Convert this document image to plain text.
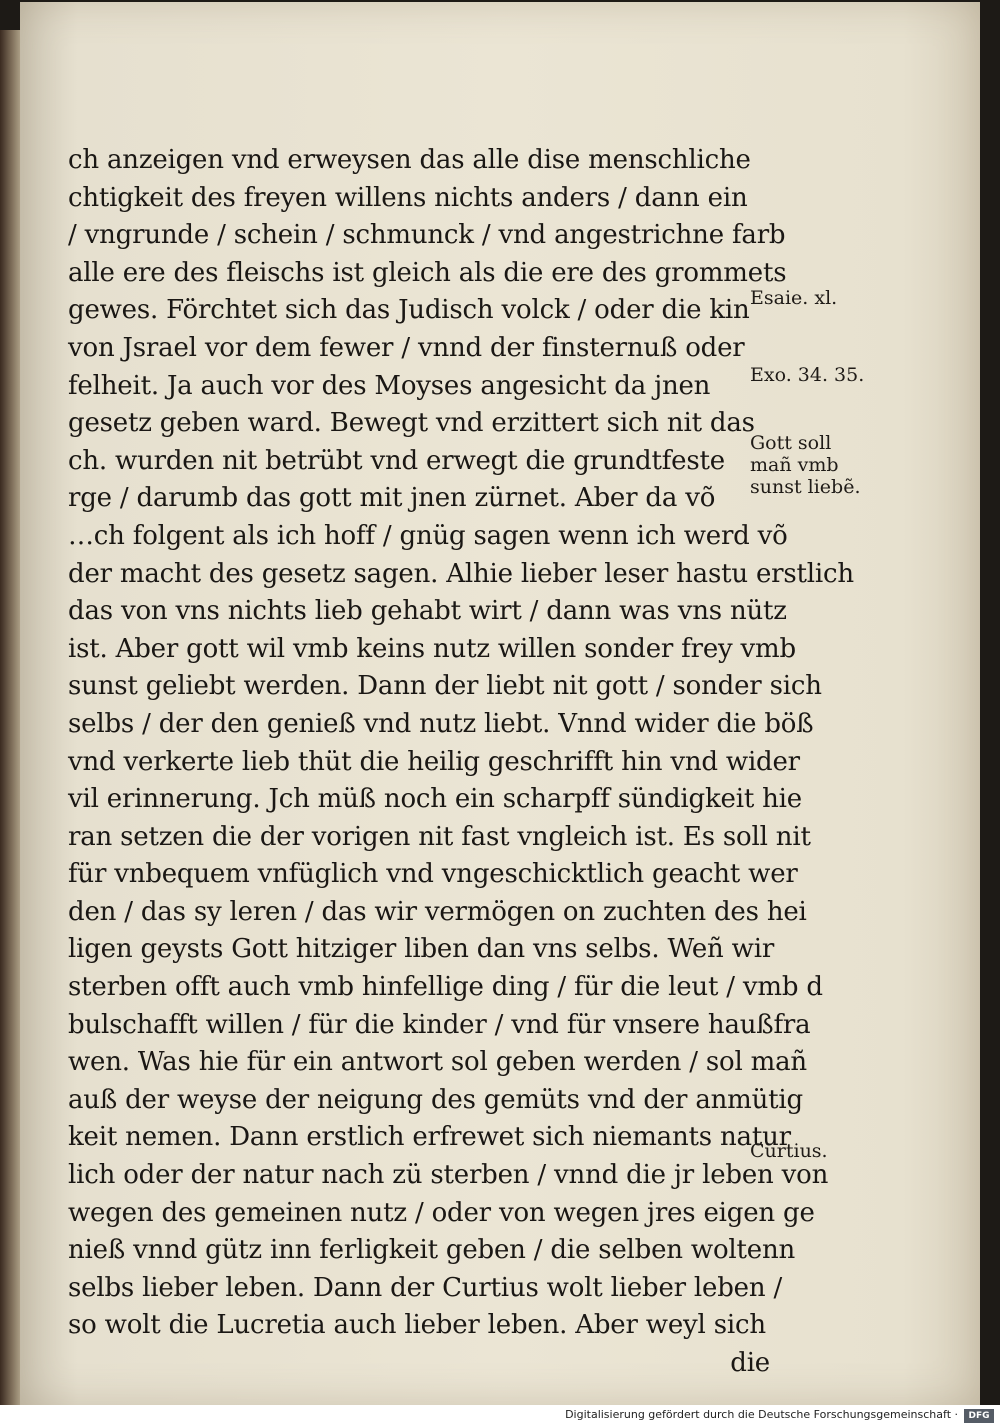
ch anzeigen vnd erweysen das alle dise menschliche
chtigkeit des freyen willens nichts anders / dann ein
/ vngrunde / schein / schmunck / vnd angestrichne farb
alle ere des fleischs ist gleich als die ere des grommets
gewes. Förchtet sich das Judisch volck / oder die kin
von Jsrael vor dem fewer / vnnd der finsternuß oder
felheit. Ja auch vor des Moyses angesicht da jnen
gesetz geben ward. Bewegt vnd erzittert sich nit das
ch. wurden nit betrübt vnd erwegt die grundtfeste
rge / darumb das gott mit jnen zürnet. Aber da võ
…ch folgent als ich hoff / gnüg sagen wenn ich werd võ
der macht des gesetz sagen. Alhie lieber leser hastu erstlich
das von vns nichts lieb gehabt wirt / dann was vns nütz
ist. Aber gott wil vmb keins nutz willen sonder frey vmb
sunst geliebt werden. Dann der liebt nit gott / sonder sich
selbs / der den genieß vnd nutz liebt. Vnnd wider die böß
vnd verkerte lieb thüt die heilig geschrifft hin vnd wider
vil erinnerung. Jch müß noch ein scharpff sündigkeit hie
ran setzen die der vorigen nit fast vngleich ist. Es soll nit
für vnbequem vnfüglich vnd vngeschicktlich geacht wer
den / das sy leren / das wir vermögen on zuchten des hei
ligen geysts Gott hitziger liben dan vns selbs. Weñ wir
sterben offt auch vmb hinfellige ding / für die leut / vmb d
bulschafft willen / für die kinder / vnd für vnsere haußfra
wen. Was hie für ein antwort sol geben werden / sol mañ
auß der weyse der neigung des gemüts vnd der anmütig
keit nemen. Dann erstlich erfrewet sich niemants natur
lich oder der natur nach zü sterben / vnnd die jr leben von
wegen des gemeinen nutz / oder von wegen jres eigen ge
nieß vnnd gütz inn ferligkeit geben / die selben woltenn
selbs lieber leben. Dann der Curtius wolt lieber leben /
so wolt die Lucretia auch lieber leben. Aber weyl sich
die
Esaie. xl.
Exo. 34. 35.
Gott soll
mañ vmb
sunst liebẽ.
Curtius.
Digitalisierung gefördert durch die Deutsche Forschungsgemeinschaft ·	DFG
